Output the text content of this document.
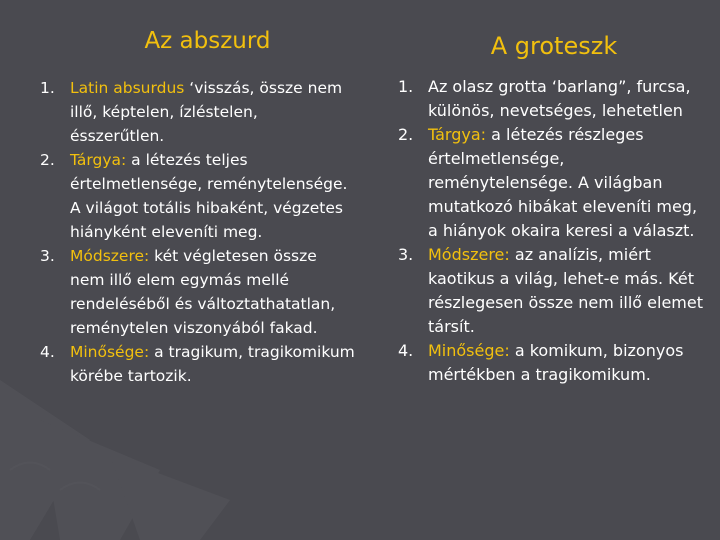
Az abszurd
1. Latin absurdus ‘visszás, össze nem illő, képtelen, ízléstelen, ésszerűtlen.
2. Tárgya: a létezés teljes értelmetlensége, reménytelensége. A világot totális hibaként, végzetes hiányként eleveníti meg.
3. Módszere: két végletesen össze nem illő elem egymás mellé rendeléséből és változtathatatlan, reménytelen viszonyából fakad.
4. Minősége: a tragikum, tragikomikum körébe tartozik.
A groteszk
1. Az olasz grotta ‘barlang”, furcsa, különös, nevetséges, lehetetlen
2. Tárgya: a létezés részleges értelmetlensége, reménytelensége. A világban mutatkozó hibákat eleveníti meg, a hiányok okaira keresi a választ.
3. Módszere: az analízis, miért kaotikus a világ, lehet-e más. Két részlegesen össze nem illő elemet társít.
4. Minősége: a komikum, bizonyos mértékben a tragikomikum.
